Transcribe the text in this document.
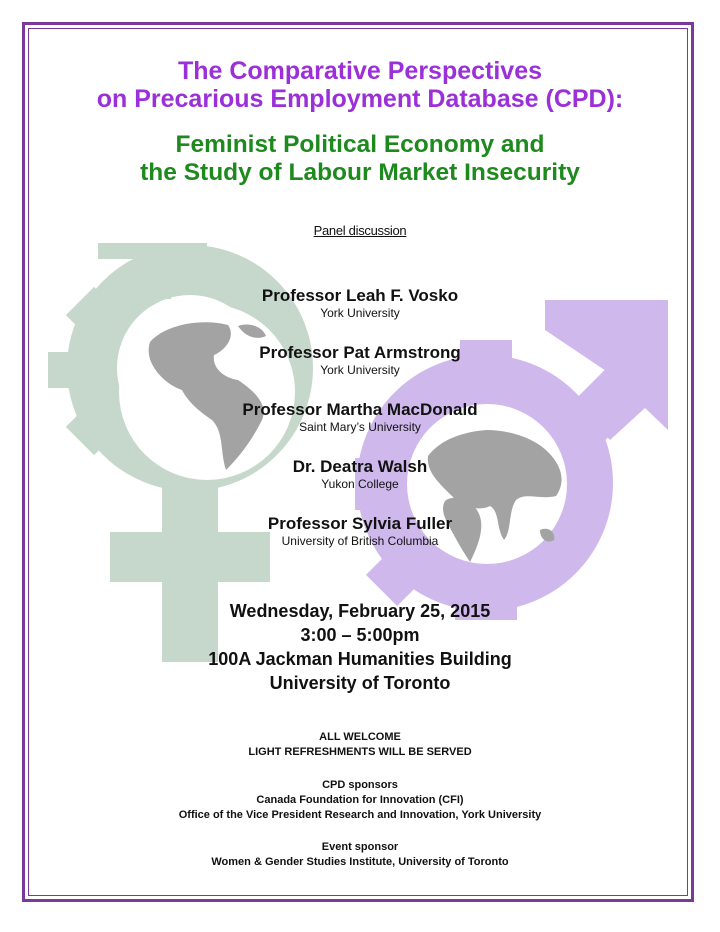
The Comparative Perspectives
on Precarious Employment Database (CPD):
Feminist Political Economy and
the Study of Labour Market Insecurity
Panel discussion
Professor Leah F. Vosko
York University
Professor Pat Armstrong
York University
Professor Martha MacDonald
Saint Mary’s University
Dr. Deatra Walsh
Yukon College
Professor Sylvia Fuller
University of British Columbia
Wednesday, February 25, 2015
3:00 – 5:00pm
100A Jackman Humanities Building
University of Toronto
ALL WELCOME
LIGHT REFRESHMENTS WILL BE SERVED
CPD sponsors
Canada Foundation for Innovation (CFI)
Office of the Vice President Research and Innovation, York University
Event sponsor
Women & Gender Studies Institute, University of Toronto
